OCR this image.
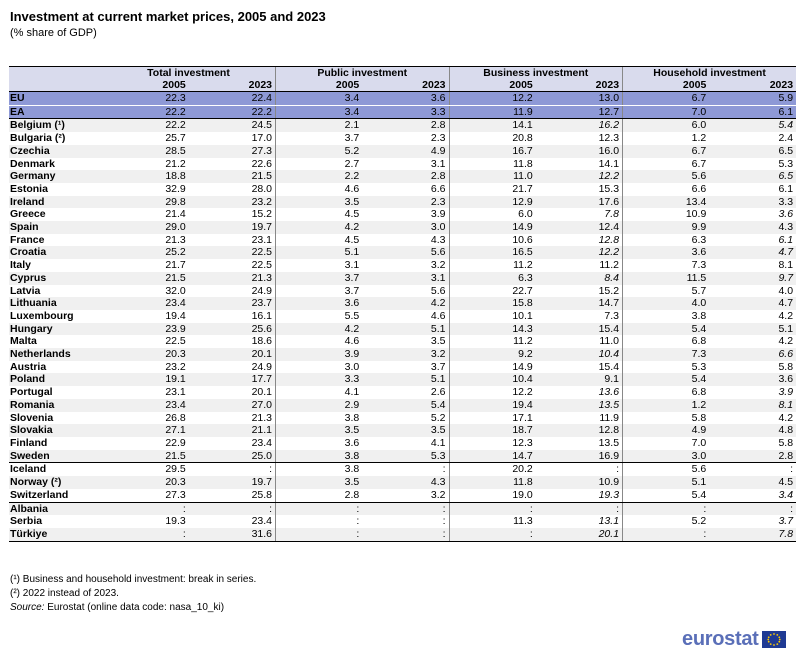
Investment at current market prices, 2005 and 2023
(% share of GDP)
	Total investment		Public investment		Business investment		Household investment	
	2005	2023	2005	2023	2005	2023	2005	2023
EU	22.3	22.4	3.4	3.6	12.2	13.0	6.7	5.9
EA	22.2	22.2	3.4	3.3	11.9	12.7	7.0	6.1
Belgium (¹)	22.2	24.5	2.1	2.8	14.1	16.2	6.0	5.4
Bulgaria (²)	25.7	17.0	3.7	2.3	20.8	12.3	1.2	2.4
Czechia	28.5	27.3	5.2	4.9	16.7	16.0	6.7	6.5
Denmark	21.2	22.6	2.7	3.1	11.8	14.1	6.7	5.3
Germany	18.8	21.5	2.2	2.8	11.0	12.2	5.6	6.5
Estonia	32.9	28.0	4.6	6.6	21.7	15.3	6.6	6.1
Ireland	29.8	23.2	3.5	2.3	12.9	17.6	13.4	3.3
Greece	21.4	15.2	4.5	3.9	6.0	7.8	10.9	3.6
Spain	29.0	19.7	4.2	3.0	14.9	12.4	9.9	4.3
France	21.3	23.1	4.5	4.3	10.6	12.8	6.3	6.1
Croatia	25.2	22.5	5.1	5.6	16.5	12.2	3.6	4.7
Italy	21.7	22.5	3.1	3.2	11.2	11.2	7.3	8.1
Cyprus	21.5	21.3	3.7	3.1	6.3	8.4	11.5	9.7
Latvia	32.0	24.9	3.7	5.6	22.7	15.2	5.7	4.0
Lithuania	23.4	23.7	3.6	4.2	15.8	14.7	4.0	4.7
Luxembourg	19.4	16.1	5.5	4.6	10.1	7.3	3.8	4.2
Hungary	23.9	25.6	4.2	5.1	14.3	15.4	5.4	5.1
Malta	22.5	18.6	4.6	3.5	11.2	11.0	6.8	4.2
Netherlands	20.3	20.1	3.9	3.2	9.2	10.4	7.3	6.6
Austria	23.2	24.9	3.0	3.7	14.9	15.4	5.3	5.8
Poland	19.1	17.7	3.3	5.1	10.4	9.1	5.4	3.6
Portugal	23.1	20.1	4.1	2.6	12.2	13.6	6.8	3.9
Romania	23.4	27.0	2.9	5.4	19.4	13.5	1.2	8.1
Slovenia	26.8	21.3	3.8	5.2	17.1	11.9	5.8	4.2
Slovakia	27.1	21.1	3.5	3.5	18.7	12.8	4.9	4.8
Finland	22.9	23.4	3.6	4.1	12.3	13.5	7.0	5.8
Sweden	21.5	25.0	3.8	5.3	14.7	16.9	3.0	2.8
Iceland	29.5	:	3.8	:	20.2	:	5.6	:
Norway (²)	20.3	19.7	3.5	4.3	11.8	10.9	5.1	4.5
Switzerland	27.3	25.8	2.8	3.2	19.0	19.3	5.4	3.4
Albania	:	:	:	:	:	:	:	:
Serbia	19.3	23.4	:	:	11.3	13.1	5.2	3.7
Türkiye	:	31.6	:	:	:	20.1	:	7.8
(¹) Business and household investment: break in series.
(²) 2022 instead of 2023.
Source: Eurostat (online data code: nasa_10_ki)
eurostat
